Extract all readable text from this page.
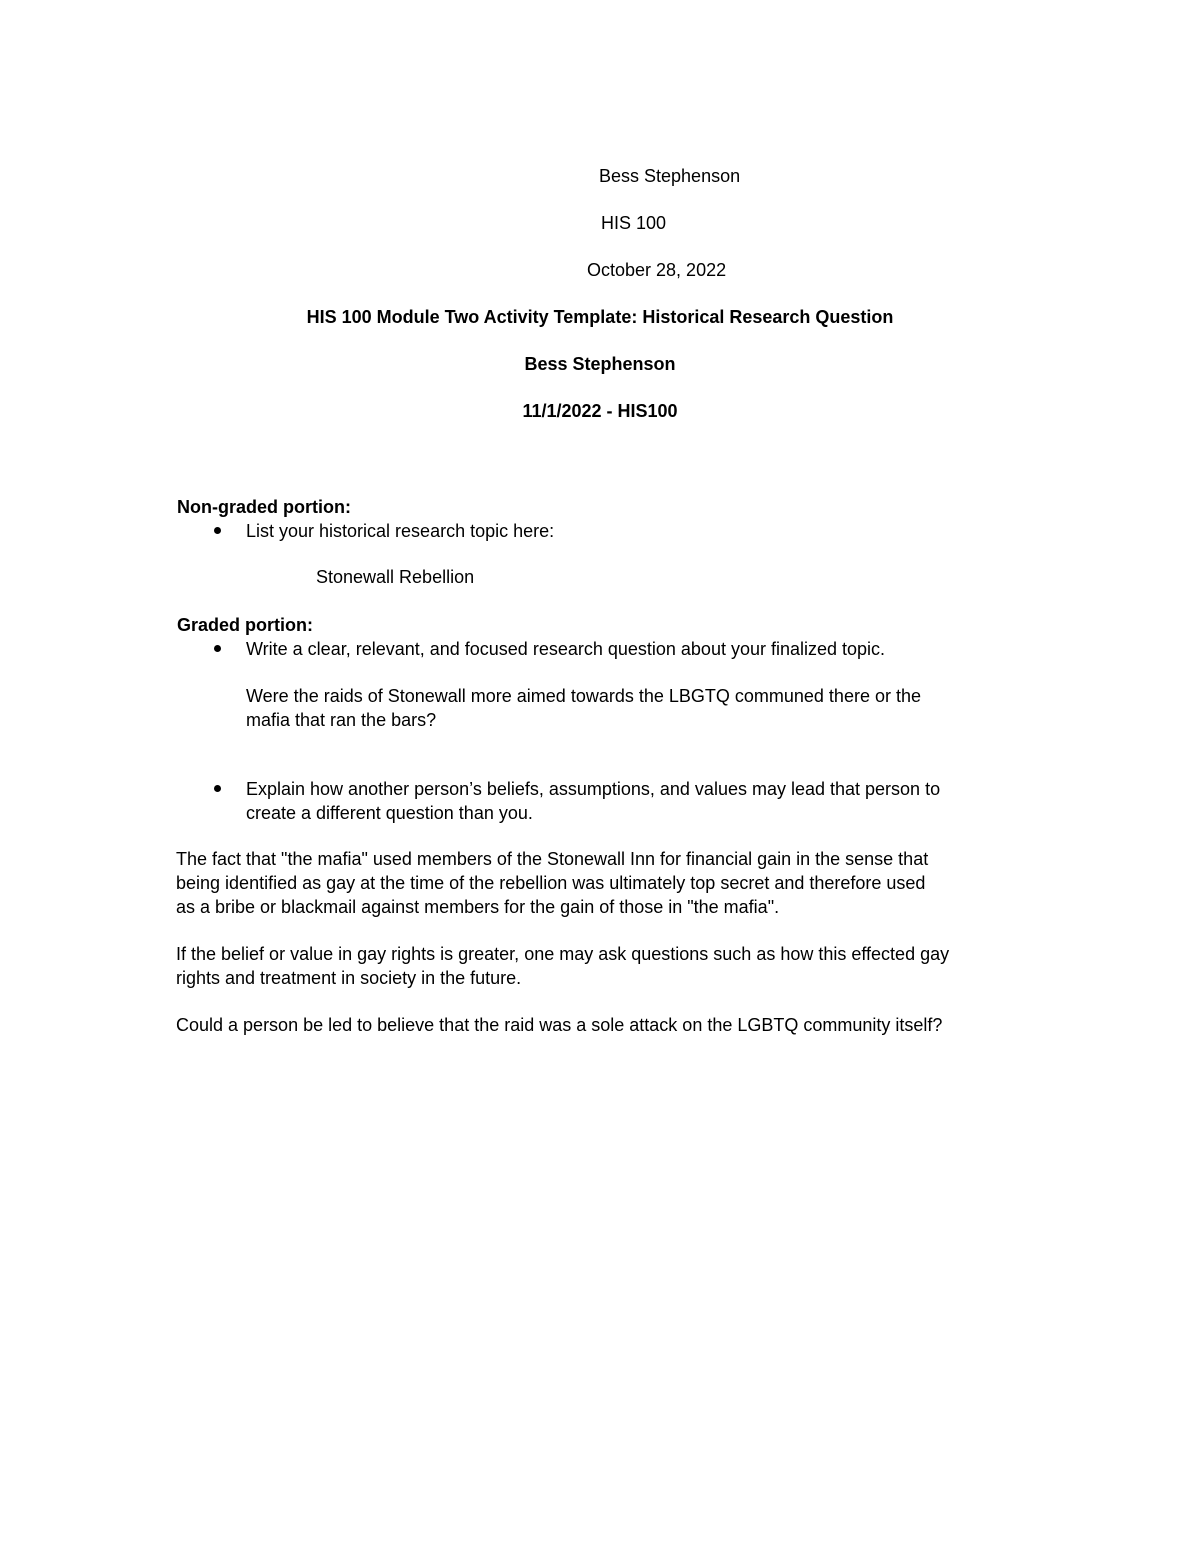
Bess Stephenson
HIS 100
October 28, 2022
HIS 100 Module Two Activity Template: Historical Research Question
Bess Stephenson
11/1/2022 - HIS100
Non-graded portion:
List your historical research topic here:
Stonewall Rebellion
Graded portion:
Write a clear, relevant, and focused research question about your finalized topic.
Were the raids of Stonewall more aimed towards the LBGTQ communed there or the
mafia that ran the bars?
Explain how another person’s beliefs, assumptions, and values may lead that person to
create a different question than you.
The fact that "the mafia" used members of the Stonewall Inn for financial gain in the sense that
being identified as gay at the time of the rebellion was ultimately top secret and therefore used
as a bribe or blackmail against members for the gain of those in "the mafia".
If the belief or value in gay rights is greater, one may ask questions such as how this effected gay
rights and treatment in society in the future.
Could a person be led to believe that the raid was a sole attack on the LGBTQ community itself?
